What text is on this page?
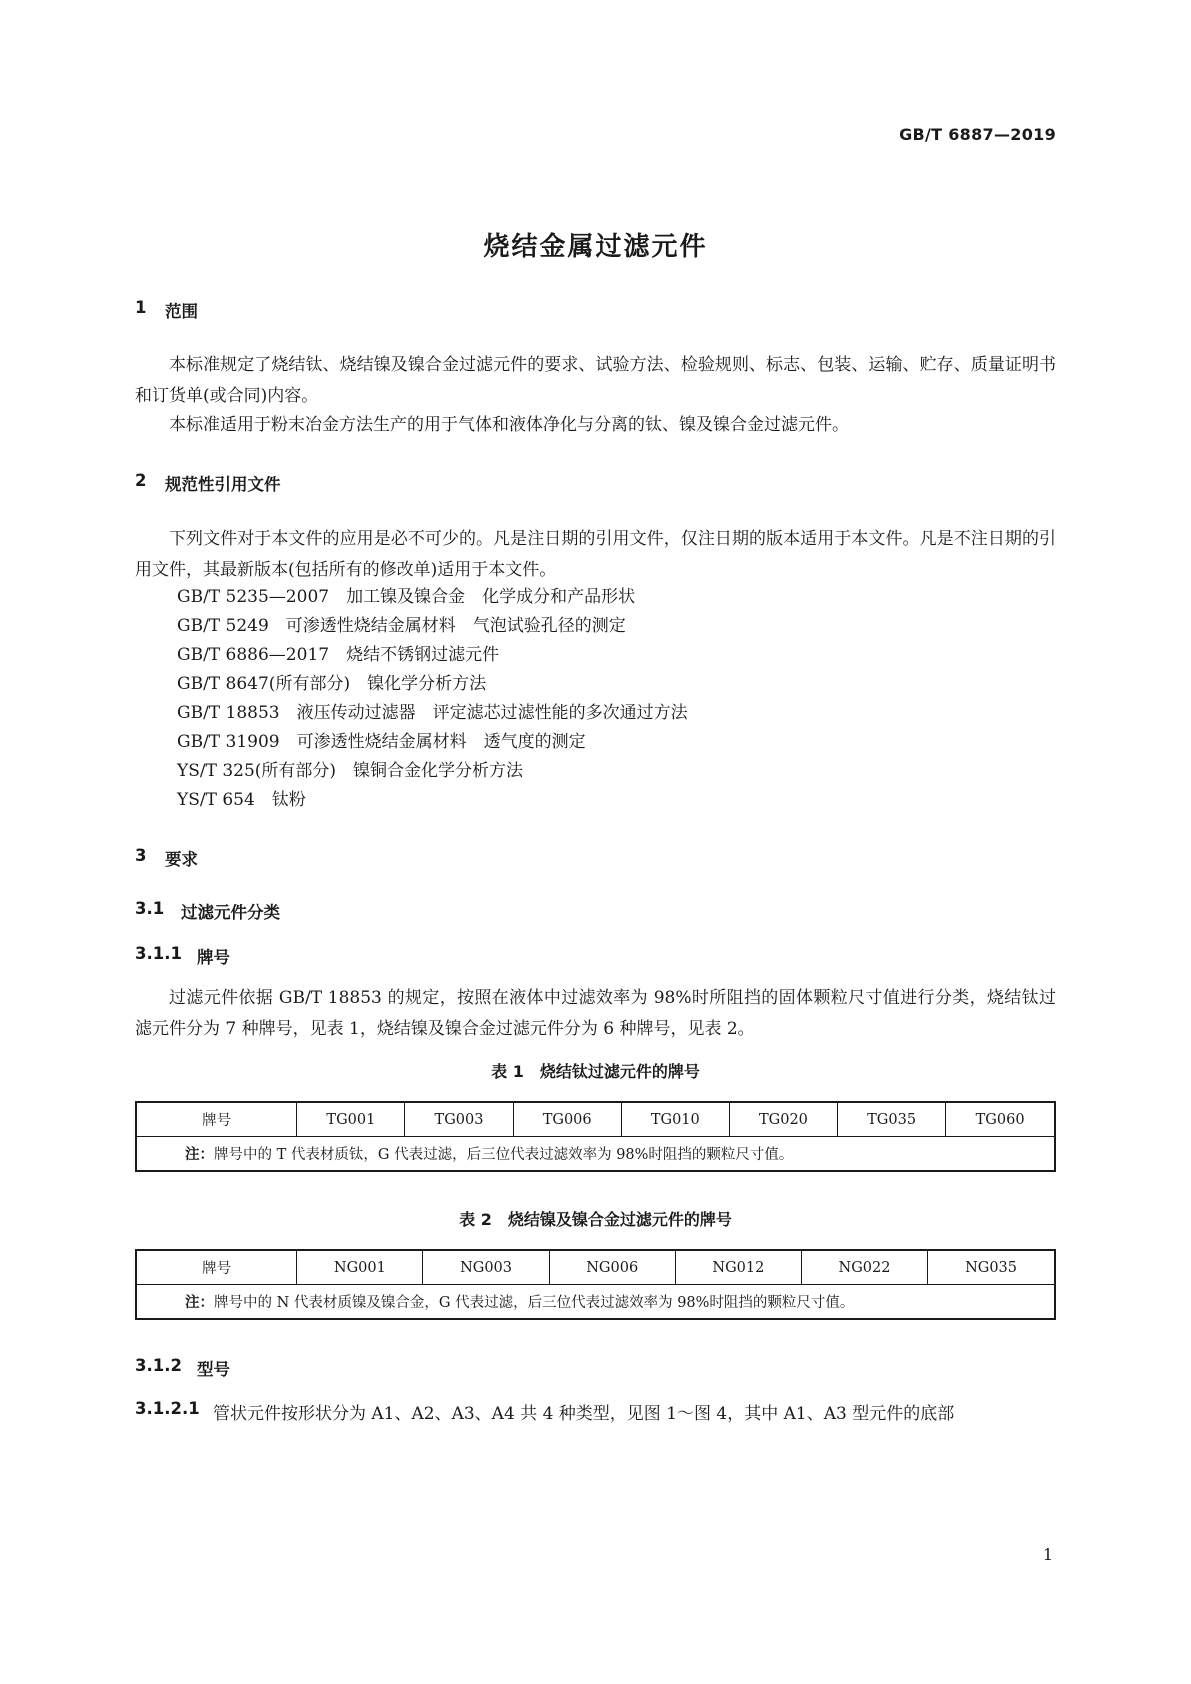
GB/T 6887—2019
烧结金属过滤元件
1	范围
本标准规定了烧结钛、烧结镍及镍合金过滤元件的要求、试验方法、检验规则、标志、包装、运输、贮存、质量证明书和订货单(或合同)内容。
本标准适用于粉末冶金方法生产的用于气体和液体净化与分离的钛、镍及镍合金过滤元件。
2	规范性引用文件
下列文件对于本文件的应用是必不可少的。凡是注日期的引用文件，仅注日期的版本适用于本文件。凡是不注日期的引用文件，其最新版本(包括所有的修改单)适用于本文件。
GB/T 5235—2007　加工镍及镍合金　化学成分和产品形状
GB/T 5249　可渗透性烧结金属材料　气泡试验孔径的测定
GB/T 6886—2017　烧结不锈钢过滤元件
GB/T 8647(所有部分)　镍化学分析方法
GB/T 18853　液压传动过滤器　评定滤芯过滤性能的多次通过方法
GB/T 31909　可渗透性烧结金属材料　透气度的测定
YS/T 325(所有部分)　镍铜合金化学分析方法
YS/T 654　钛粉
3	要求
3.1	过滤元件分类
3.1.1 牌号
过滤元件依据 GB/T 18853 的规定，按照在液体中过滤效率为 98%时所阻挡的固体颗粒尺寸值进行分类，烧结钛过滤元件分为 7 种牌号，见表 1，烧结镍及镍合金过滤元件分为 6 种牌号，见表 2。
表 1　烧结钛过滤元件的牌号
牌号	TG001	TG003	TG006	TG010	TG020	TG035	TG060
注：牌号中的 T 代表材质钛，G 代表过滤，后三位代表过滤效率为 98%时阻挡的颗粒尺寸值。
表 2　烧结镍及镍合金过滤元件的牌号
牌号	NG001	NG003	NG006	NG012	NG022	NG035
注：牌号中的 N 代表材质镍及镍合金，G 代表过滤，后三位代表过滤效率为 98%时阻挡的颗粒尺寸值。
3.1.2 型号
3.1.2.1 管状元件按形状分为 A1、A2、A3、A4 共 4 种类型，见图 1～图 4，其中 A1、A3 型元件的底部
1
